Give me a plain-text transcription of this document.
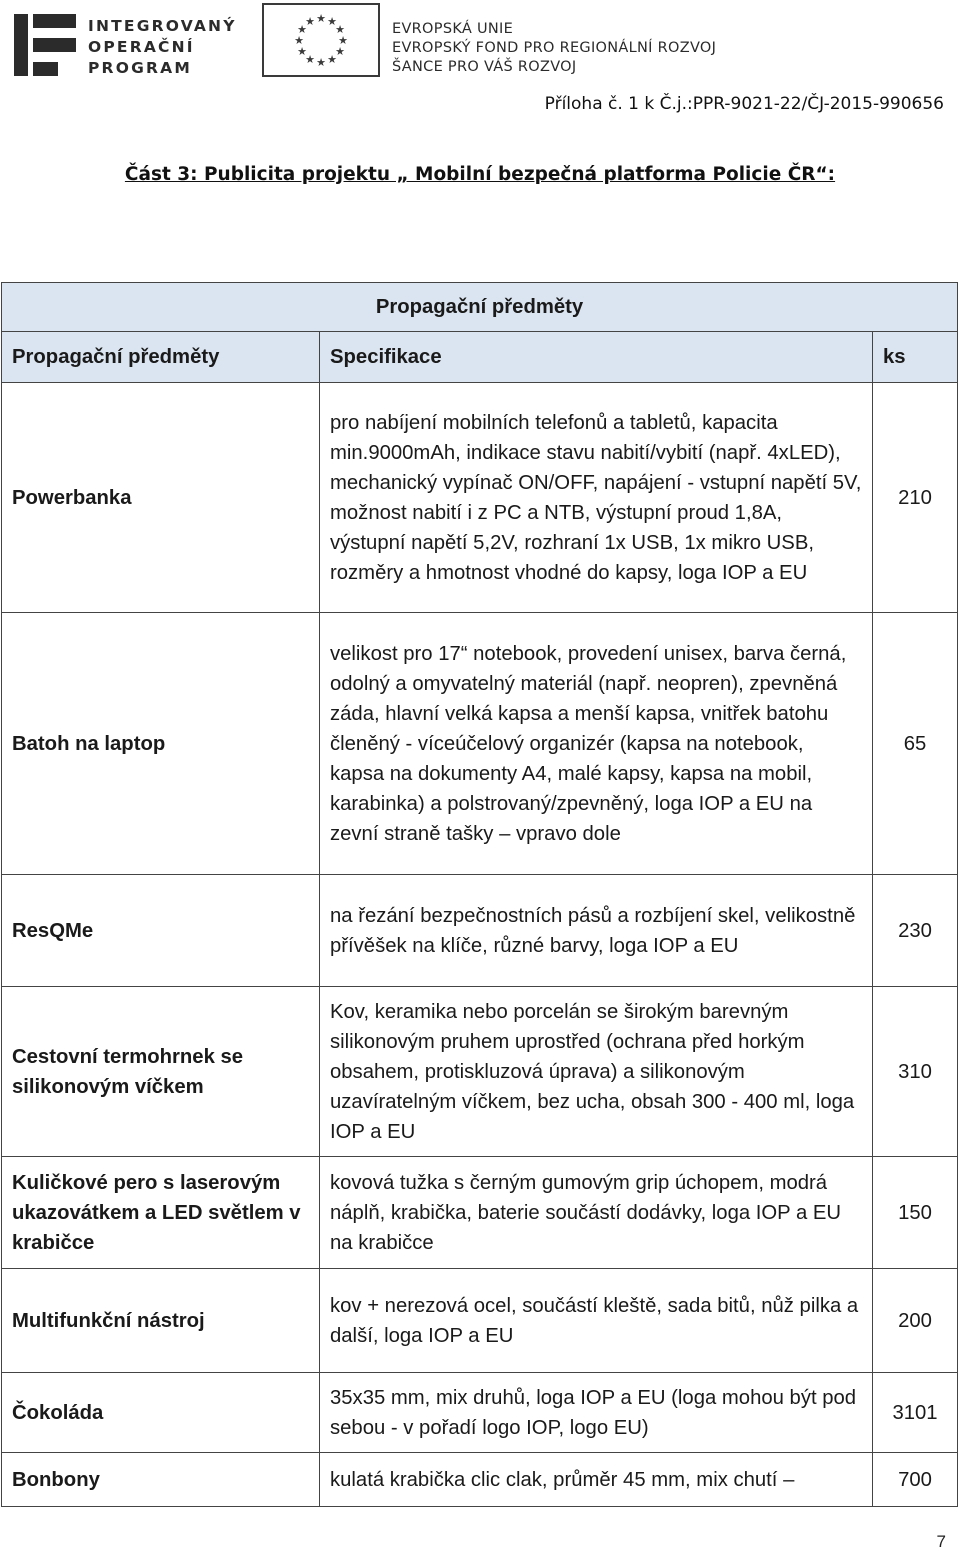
INTEGROVANÝ
OPERAČNÍ
PROGRAM
★ ★
★
★
★
★
★
★
★
★
★
★	EVROPSKÁ UNIE
EVROPSKÝ FOND PRO REGIONÁLNÍ ROZVOJ
ŠANCE PRO VÁŠ ROZVOJ
Příloha č. 1 k Č.j.:PPR-9021-22/ČJ-2015-990656
Část 3: Publicita projektu „ Mobilní bezpečná platforma Policie ČR“:
Propagační předměty		
Propagační předměty	Specifikace	ks
Powerbanka	pro nabíjení mobilních telefonů a tabletů, kapacita min.9000mAh, indikace stavu nabití/vybití (např. 4xLED), mechanický vypínač ON/OFF, napájení - vstupní napětí 5V, možnost nabití i z PC a NTB, výstupní proud 1,8A, výstupní napětí 5,2V, rozhraní 1x USB, 1x mikro USB, rozměry a hmotnost vhodné do kapsy, loga IOP a EU	210
Batoh na laptop	velikost pro 17“ notebook, provedení unisex, barva černá, odolný a omyvatelný materiál (např. neopren), zpevněná záda, hlavní velká kapsa a menší kapsa, vnitřek batohu členěný - víceúčelový organizér (kapsa na notebook, kapsa na dokumenty A4, malé kapsy, kapsa na mobil, karabinka) a polstrovaný/zpevněný, loga IOP a EU na zevní straně tašky – vpravo dole	65
ResQMe	na řezání bezpečnostních pásů a rozbíjení skel, velikostně přívěšek na klíče, různé barvy, loga IOP a EU	230
Cestovní termohrnek se silikonovým víčkem	Kov, keramika nebo porcelán se širokým barevným silikonovým pruhem uprostřed (ochrana před horkým obsahem, protiskluzová úprava) a silikonovým uzavíratelným víčkem, bez ucha, obsah 300 - 400 ml, loga IOP a EU	310
Kuličkové pero s laserovým ukazovátkem a LED světlem v krabičce	kovová tužka s černým gumovým grip úchopem, modrá náplň, krabička, baterie součástí dodávky, loga IOP a EU na krabičce	150
Multifunkční nástroj	kov + nerezová ocel, součástí kleště, sada bitů, nůž pilka a další, loga IOP a EU	200
Čokoláda	35x35 mm, mix druhů, loga IOP a EU (loga mohou být pod sebou - v pořadí logo IOP, logo EU)	3101
Bonbony	kulatá krabička clic clak, průměr 45 mm, mix chutí –	700
7
